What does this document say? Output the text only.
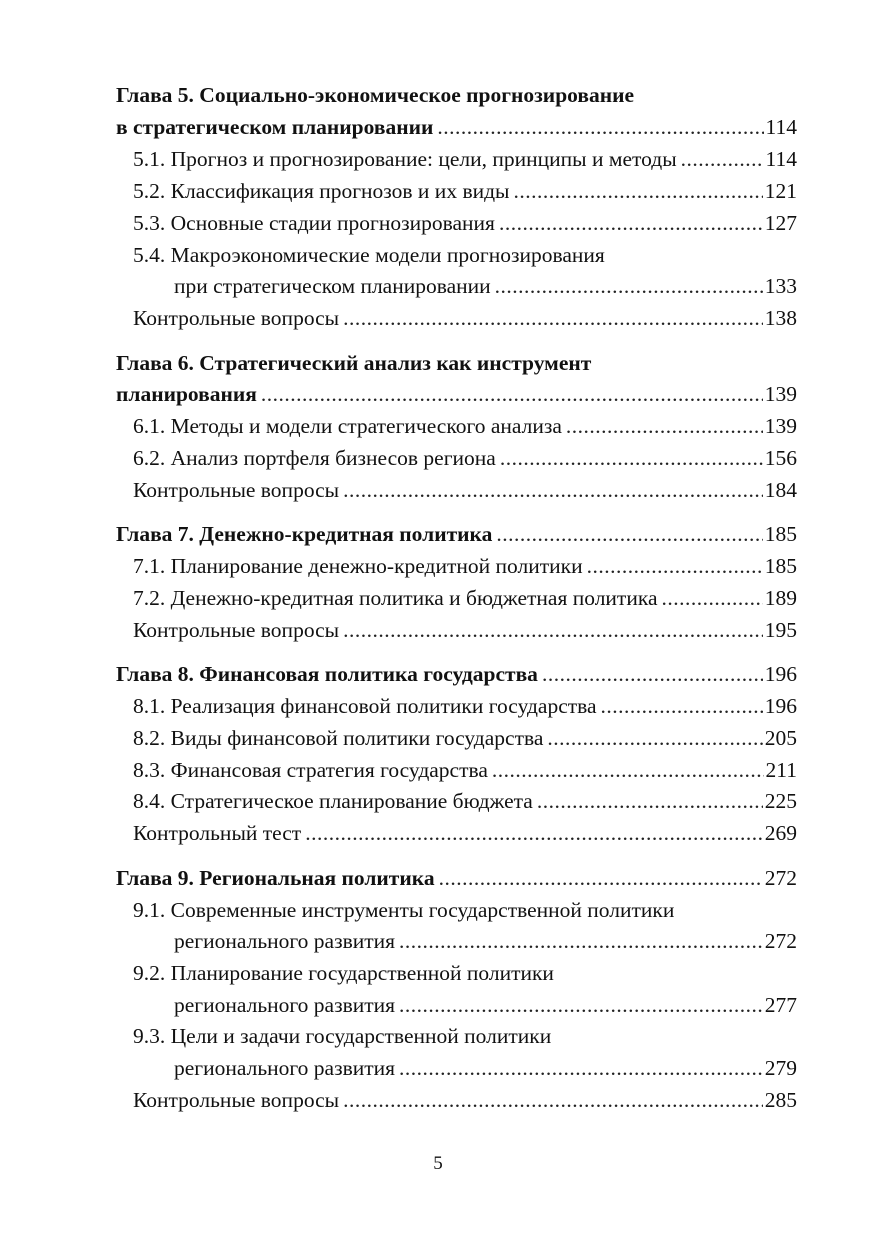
Глава 5. Социально-экономическое прогнозирование
в стратегическом планировании .....	114
5.1. Прогноз и прогнозирование: цели, принципы и методы .....	114
5.2. Классификация прогнозов и их виды .....	121
5.3. Основные стадии прогнозирования .....	127
5.4. Макроэкономические модели прогнозирования
при стратегическом планировании .....	133
Контрольные вопросы .....	138
Глава 6. Стратегический анализ как инструмент
планирования .....	139
6.1. Методы и модели стратегического анализа .....	139
6.2. Анализ портфеля бизнесов региона .....	156
Контрольные вопросы .....	184
Глава 7. Денежно-кредитная политика .....	185
7.1. Планирование денежно-кредитной политики .....	185
7.2. Денежно-кредитная политика и бюджетная политика .....	189
Контрольные вопросы .....	195
Глава 8. Финансовая политика государства .....	196
8.1. Реализация финансовой политики государства .....	196
8.2. Виды финансовой политики государства .....	205
8.3. Финансовая стратегия государства .....	211
8.4. Стратегическое планирование бюджета .....	225
Контрольный тест .....	269
Глава 9. Региональная политика .....	272
9.1. Современные инструменты государственной политики
регионального развития .....	272
9.2. Планирование государственной политики
регионального развития .....	277
9.3. Цели и задачи государственной политики
регионального развития .....	279
Контрольные вопросы .....	285
5
